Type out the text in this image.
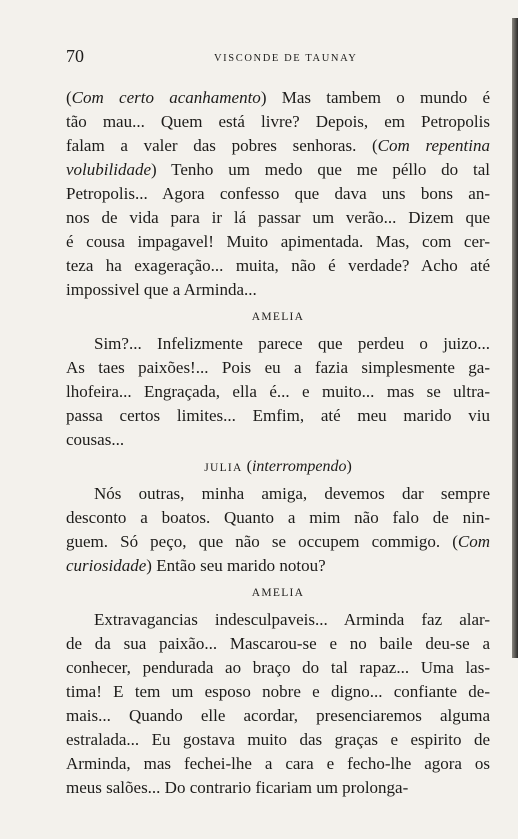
70	VISCONDE DE TAUNAY
(Com certo acanhamento) Mas tambem o mundo é
tão mau... Quem está livre? Depois, em Petropolis
falam a valer das pobres senhoras. (Com repentina
volubilidade) Tenho um medo que me péllo do tal
Petropolis... Agora confesso que dava uns bons an-
nos de vida para ir lá passar um verão... Dizem que
é cousa impagavel! Muito apimentada. Mas, com cer-
teza ha exageração... muita, não é verdade? Acho até
impossivel que a Arminda...
AMELIA
Sim?... Infelizmente parece que perdeu o juizo...
As taes paixões!... Pois eu a fazia simplesmente ga-
lhofeira... Engraçada, ella é... e muito... mas se ultra-
passa certos limites... Emfim, até meu marido viu
cousas...
JULIA (interrompendo)
Nós outras, minha amiga, devemos dar sempre
desconto a boatos. Quanto a mim não falo de nin-
guem. Só peço, que não se occupem commigo. (Com
curiosidade) Então seu marido notou?
AMELIA
Extravagancias indesculpaveis... Arminda faz alar-
de da sua paixão... Mascarou-se e no baile deu-se a
conhecer, pendurada ao braço do tal rapaz... Uma las-
tima! E tem um esposo nobre e digno... confiante de-
mais... Quando elle acordar, presenciaremos alguma
estralada... Eu gostava muito das graças e espirito de
Arminda, mas fechei-lhe a cara e fecho-lhe agora os
meus salões... Do contrario ficariam um prolonga-
